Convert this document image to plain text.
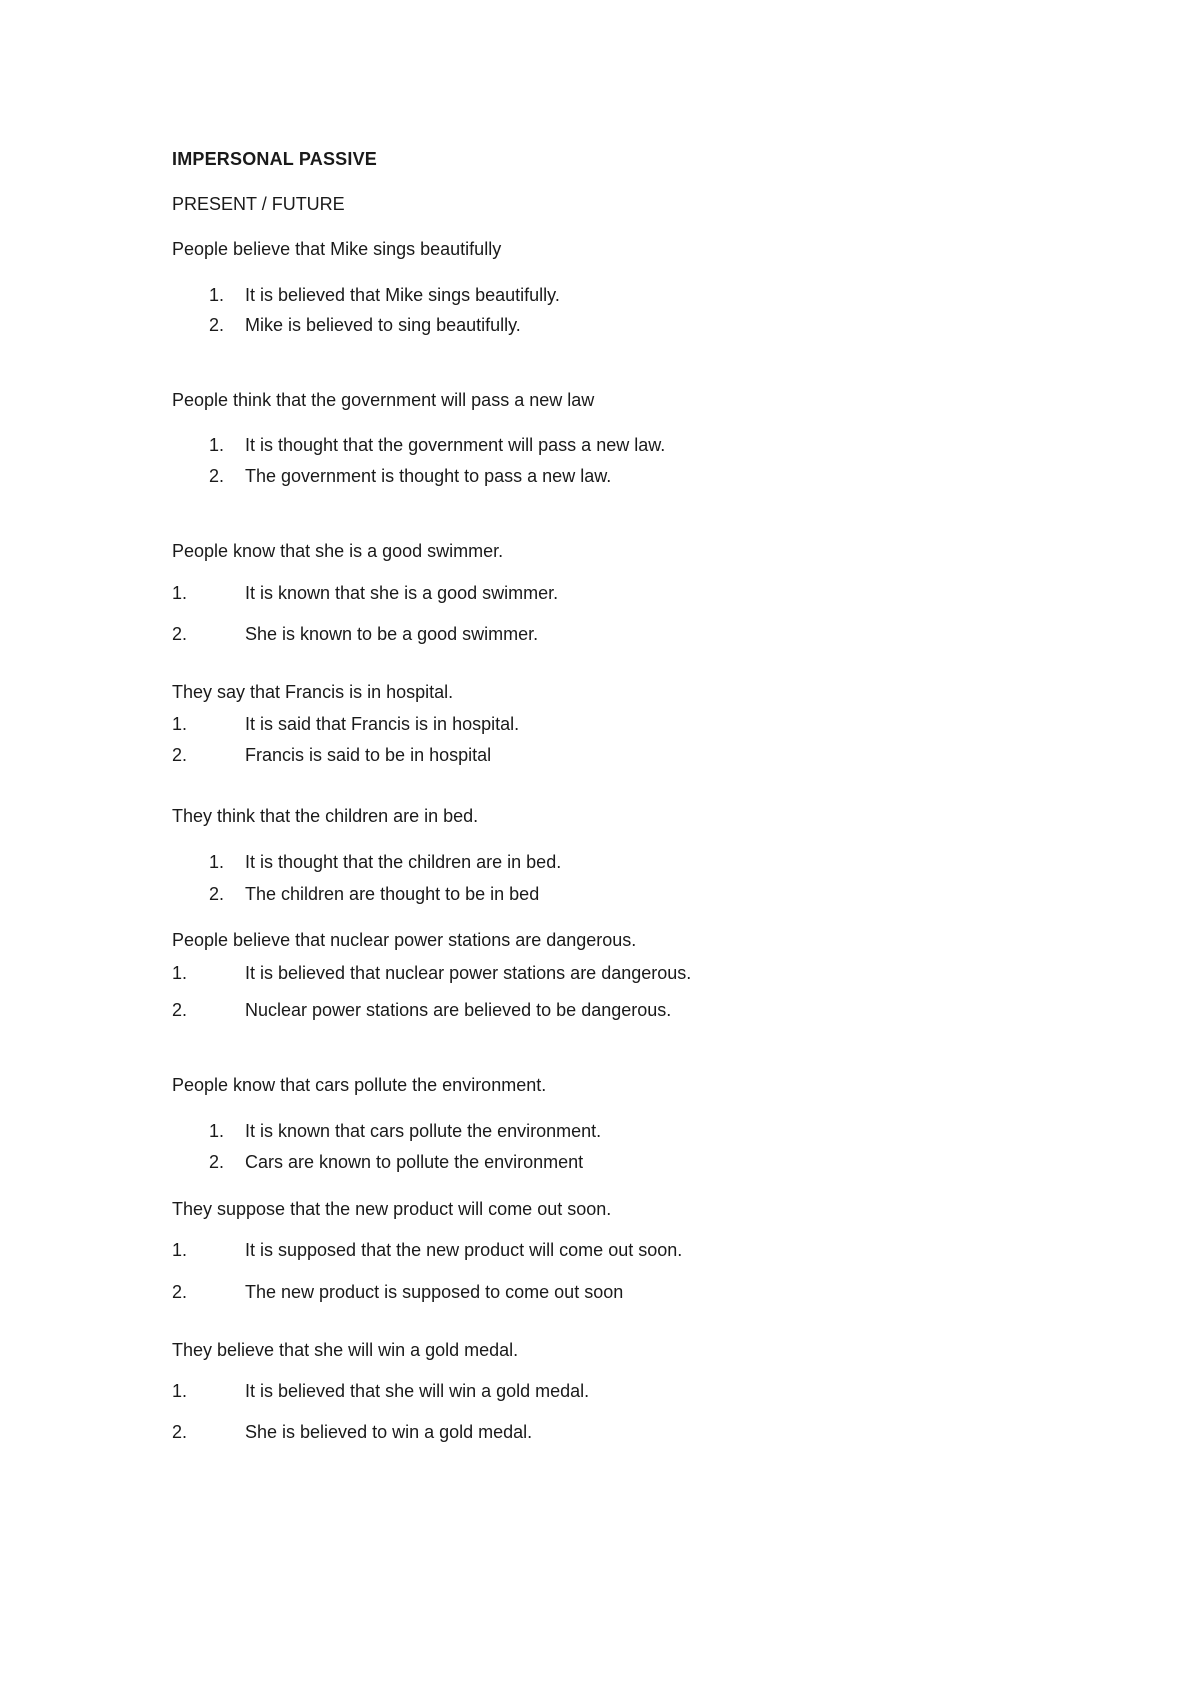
IMPERSONAL PASSIVE
PRESENT / FUTURE
People believe that Mike sings beautifully
1. It is believed that Mike sings beautifully.
2. Mike is believed to sing beautifully.
People think that the government will pass a new law
1. It is thought that the government will pass a new law.
2. The government is thought to pass a new law.
People know that she is a good swimmer.
1.	It is known that she is a good swimmer.
2.	She is known to be a good swimmer.
They say that Francis is in hospital.
1.	It is said that Francis is in hospital.
2.	Francis is said to be in hospital
They think that the children are in bed.
1. It is thought that the children are in bed.
2. The children are thought to be in bed
People believe that nuclear power stations are dangerous.
1.	It is believed that nuclear power stations are dangerous.
2.	Nuclear power stations are believed to be dangerous.
People know that cars pollute the environment.
1. It is known that cars pollute the environment.
2. Cars are known to pollute the environment
They suppose that the new product will come out soon.
1.	It is supposed that the new product will come out soon.
2.	The new product is supposed to come out soon
They believe that she will win a gold medal.
1.	It is believed that she will win a gold medal.
2.	She is believed to win a gold medal.
